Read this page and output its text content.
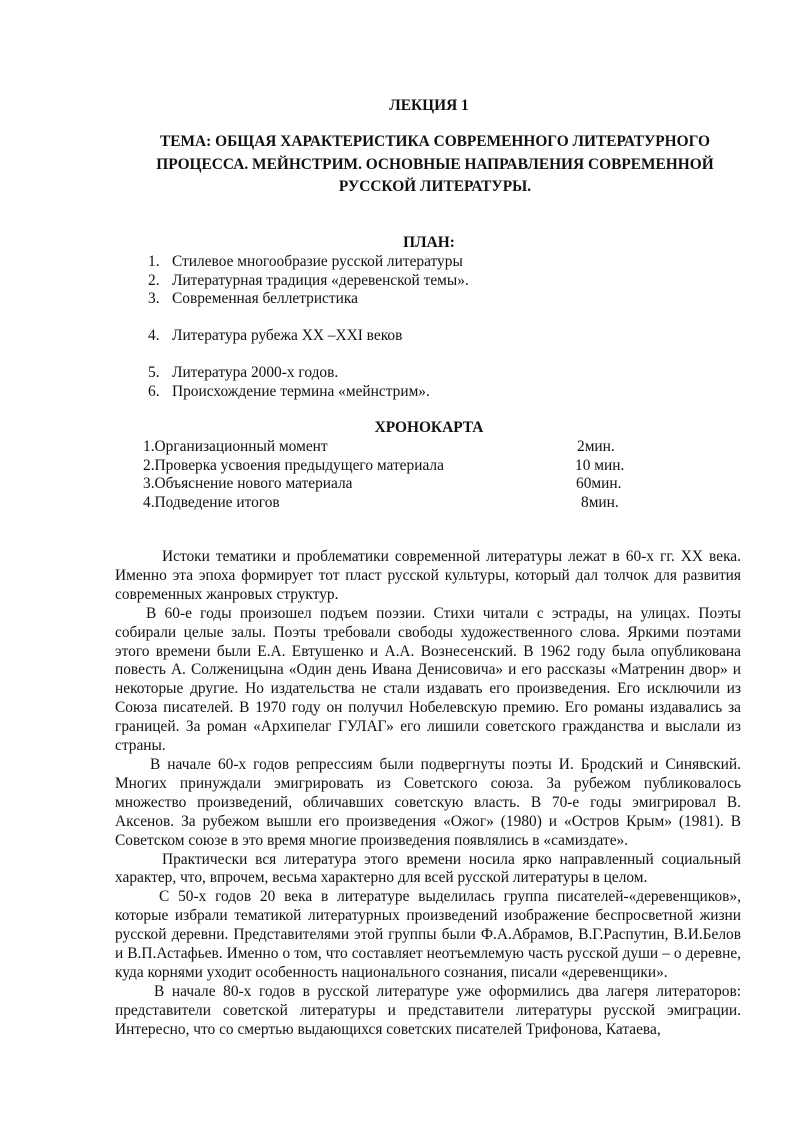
ЛЕКЦИЯ 1
ТЕМА: ОБЩАЯ ХАРАКТЕРИСТИКА СОВРЕМЕННОГО ЛИТЕРАТУРНОГО ПРОЦЕССА. МЕЙНСТРИМ. ОСНОВНЫЕ НАПРАВЛЕНИЯ СОВРЕМЕННОЙ РУССКОЙ ЛИТЕРАТУРЫ.
ПЛАН:
1. Стилевое многообразие русской литературы
2. Литературная традиция «деревенской темы».
3. Современная беллетристика
4. Литература рубежа XX –XXI веков
5. Литература 2000-х годов.
6. Происхождение термина «мейнстрим».
ХРОНОКАРТА
1.Организационный момент	2мин.
2.Проверка усвоения предыдущего материала	10 мин.
3.Объяснение нового материала	60мин.
4.Подведение итогов	8мин.

Истоки тематики и проблематики современной литературы лежат в 60-х гг. XX века. Именно эта эпоха формирует тот пласт русской культуры, который дал толчок для развития современных жанровых структур.

В 60-е годы произошел подъем поэзии. Стихи читали с эстрады, на улицах. Поэты собирали целые залы. Поэты требовали свободы художественного слова. Яркими поэтами этого времени были Е.А. Евтушенко и А.А. Вознесенский. В 1962 году была опубликована повесть А. Солженицына «Один день Ивана Денисовича» и его рассказы «Матренин двор» и некоторые другие. Но издательства не стали издавать его произведения. Его исключили из Союза писателей. В 1970 году он получил Нобелевскую премию. Его романы издавались за границей. За роман «Архипелаг ГУЛАГ» его лишили советского гражданства и выслали из страны.

В начале 60-х годов репрессиям были подвергнуты поэты И. Бродский и Синявский. Многих принуждали эмигрировать из Советского союза. За рубежом публиковалось множество произведений, обличавших советскую власть. В 70-е годы эмигрировал В. Аксенов. За рубежом вышли его произведения «Ожог» (1980) и «Остров Крым» (1981). В Советском союзе в это время многие произведения появлялись в «самиздате».

Практически вся литература этого времени носила ярко направленный социальный характер, что, впрочем, весьма характерно для всей русской литературы в целом.

С 50-х годов 20 века в литературе выделилась группа писателей-«деревенщиков», которые избрали тематикой литературных произведений изображение беспросветной жизни русской деревни. Представителями этой группы были Ф.А.Абрамов, В.Г.Распутин, В.И.Белов и В.П.Астафьев. Именно о том, что составляет неотъемлемую часть русской души – о деревне, куда корнями уходит особенность национального сознания, писали «деревенщики».

В начале 80-х годов в русской литературе уже оформились два лагеря литераторов: представители советской литературы и представители литературы русской эмиграции. Интересно, что со смертью выдающихся советских писателей Трифонова, Катаева,
